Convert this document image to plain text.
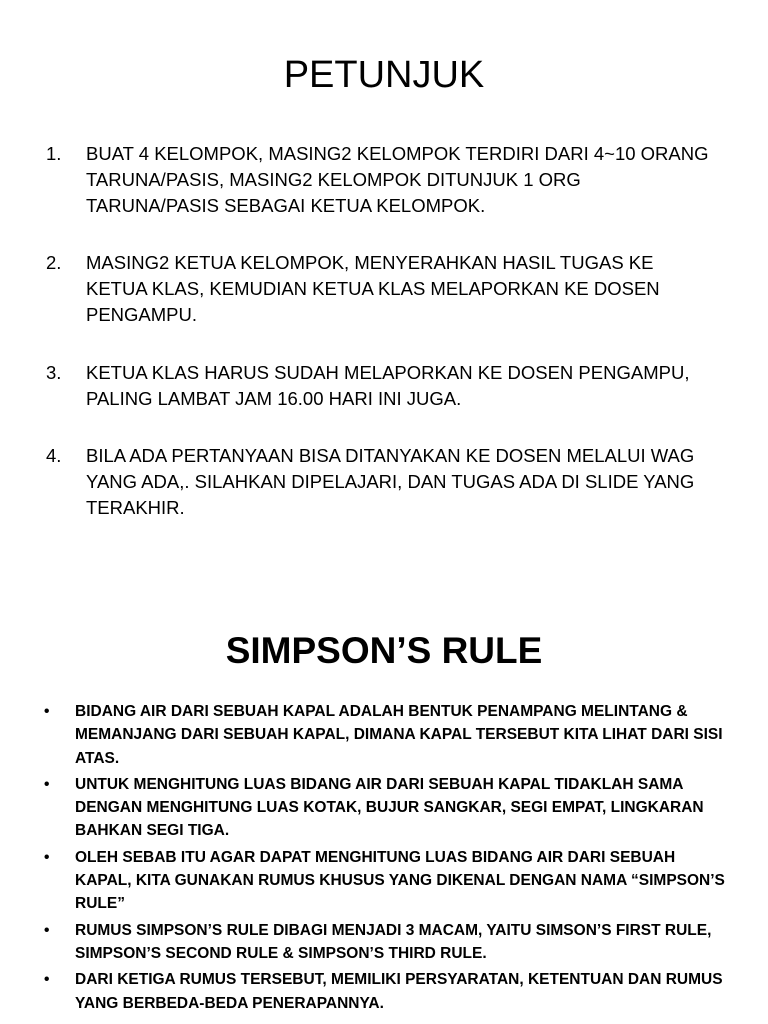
PETUNJUK
1.	BUAT 4 KELOMPOK, MASING2 KELOMPOK TERDIRI DARI 4~10 ORANG TARUNA/PASIS, MASING2 KELOMPOK DITUNJUK 1 ORG TARUNA/PASIS SEBAGAI KETUA KELOMPOK.
2.	MASING2 KETUA KELOMPOK, MENYERAHKAN HASIL TUGAS KE KETUA KLAS, KEMUDIAN KETUA KLAS MELAPORKAN KE DOSEN PENGAMPU.
3.	KETUA KLAS HARUS SUDAH MELAPORKAN KE DOSEN PENGAMPU, PALING LAMBAT JAM 16.00 HARI INI JUGA.
4.	BILA ADA PERTANYAAN BISA DITANYAKAN KE DOSEN MELALUI WAG YANG ADA,. SILAHKAN DIPELAJARI, DAN TUGAS ADA DI SLIDE YANG TERAKHIR.
SIMPSON’S RULE
•	BIDANG AIR DARI SEBUAH KAPAL ADALAH BENTUK PENAMPANG MELINTANG & MEMANJANG DARI SEBUAH KAPAL, DIMANA KAPAL TERSEBUT KITA LIHAT DARI SISI ATAS.
•	UNTUK MENGHITUNG LUAS BIDANG AIR DARI SEBUAH KAPAL TIDAKLAH SAMA DENGAN MENGHITUNG LUAS KOTAK, BUJUR SANGKAR, SEGI EMPAT, LINGKARAN BAHKAN SEGI TIGA.
•	OLEH SEBAB ITU AGAR DAPAT MENGHITUNG LUAS BIDANG AIR DARI SEBUAH KAPAL, KITA GUNAKAN RUMUS KHUSUS YANG DIKENAL DENGAN NAMA “SIMPSON’S RULE”
•	RUMUS SIMPSON’S RULE DIBAGI MENJADI 3 MACAM, YAITU SIMSON’S FIRST RULE, SIMPSON’S SECOND RULE & SIMPSON’S THIRD RULE.
•	DARI KETIGA RUMUS TERSEBUT, MEMILIKI PERSYARATAN, KETENTUAN DAN RUMUS YANG BERBEDA-BEDA PENERAPANNYA.
